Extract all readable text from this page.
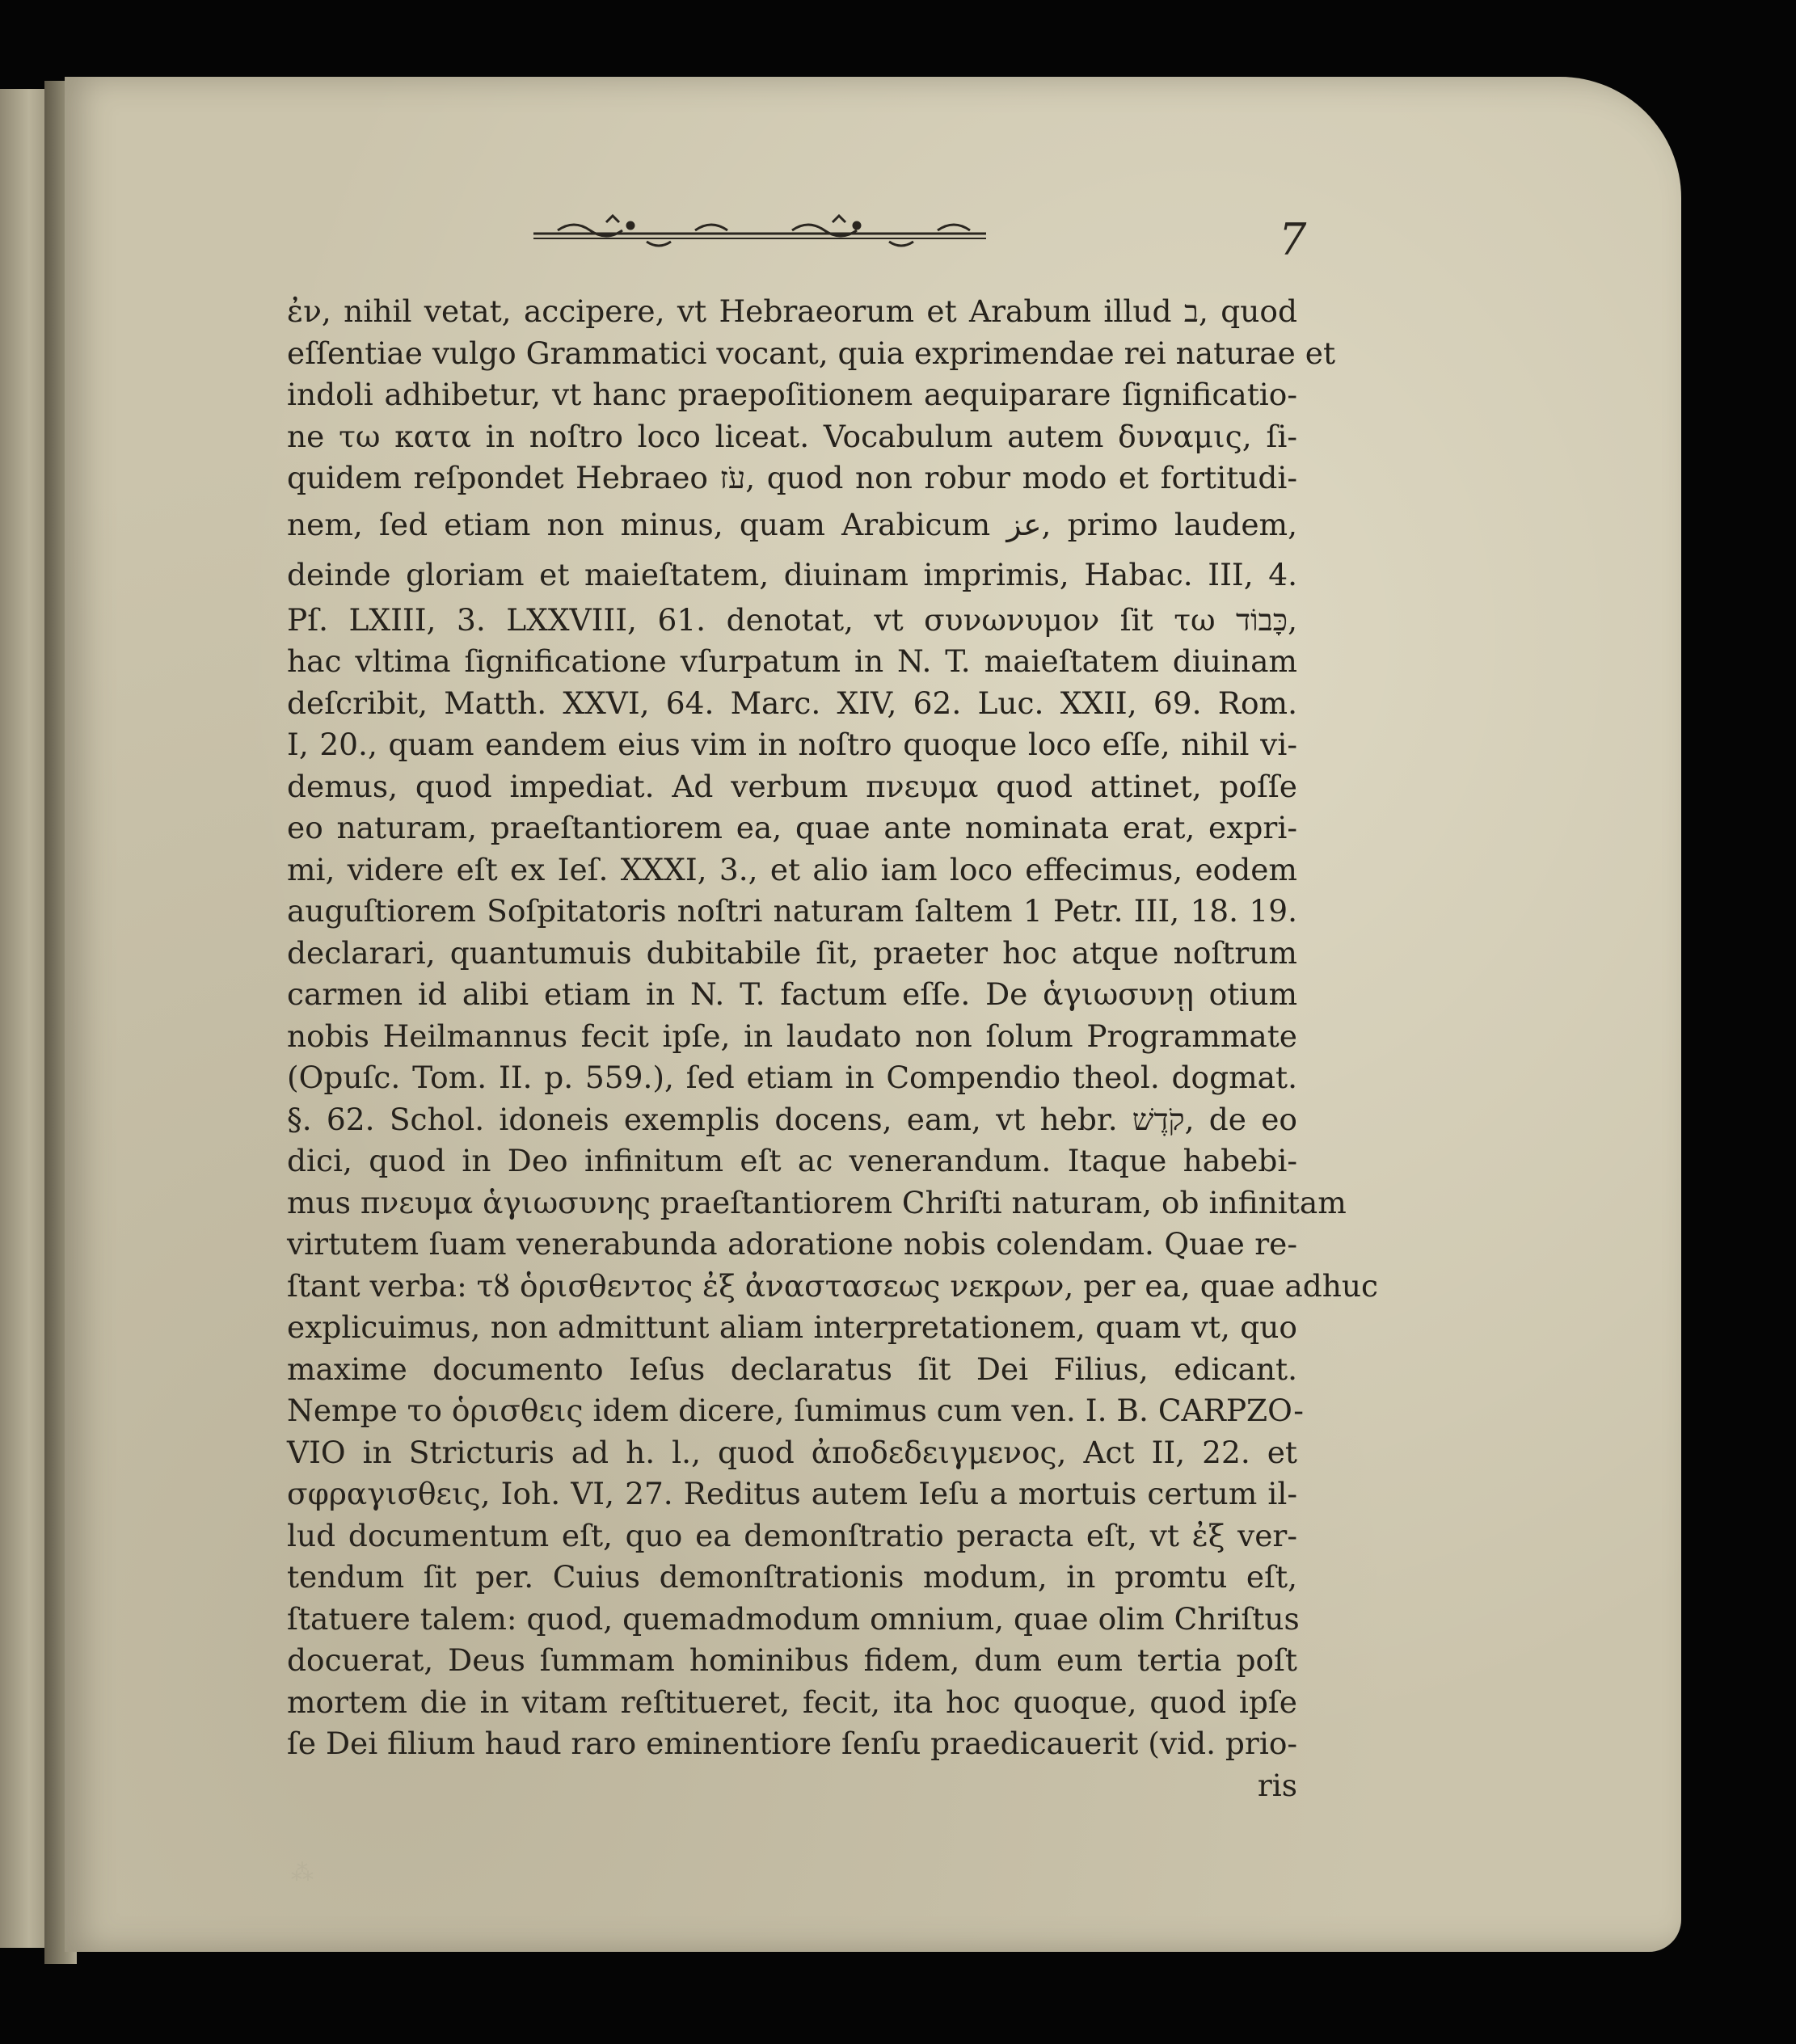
7
ἐν, nihil vetat, accipere, vt Hebraeorum et Arabum illud ב, quod
eſſentiae vulgo Grammatici vocant, quia exprimendae rei naturae et
indoli adhibetur, vt hanc praepoſitionem aequiparare ſignificatio-
ne τω κατα in noſtro loco liceat. Vocabulum autem δυναμις, ſi-
quidem reſpondet Hebraeo עֹז, quod non robur modo et fortitudi-
nem, ſed etiam non minus, quam Arabicum عز, primo laudem,
deinde gloriam et maieſtatem, diuinam imprimis, Habac. III, 4.
Pſ. LXIII, 3. LXXVIII, 61. denotat, vt συνωνυμον ſit τω כָּבוֹד,
hac vltima ſignificatione vſurpatum in N. T. maieſtatem diuinam
deſcribit, Matth. XXVI, 64. Marc. XIV, 62. Luc. XXII, 69. Rom.
I, 20., quam eandem eius vim in noſtro quoque loco eſſe, nihil vi-
demus, quod impediat. Ad verbum πνευμα quod attinet, poſſe
eo naturam, praeſtantiorem ea, quae ante nominata erat, expri-
mi, videre eſt ex Ieſ. XXXI, 3., et alio iam loco effecimus, eodem
auguſtiorem Soſpitatoris noſtri naturam ſaltem 1 Petr. III, 18. 19.
declarari, quantumuis dubitabile ſit, praeter hoc atque noſtrum
carmen id alibi etiam in N. T. factum eſſe. De ἁγιωσυνῃ otium
nobis Heilmannus fecit ipſe, in laudato non ſolum Programmate
(Opuſc. Tom. II. p. 559.), ſed etiam in Compendio theol. dogmat.
§. 62. Schol. idoneis exemplis docens, eam, vt hebr. קֹדֶשׁ, de eo
dici, quod in Deo infinitum eſt ac venerandum. Itaque habebi-
mus πνευμα ἁγιωσυνης praeſtantiorem Chriſti naturam, ob infinitam
virtutem ſuam venerabunda adoratione nobis colendam. Quae re-
ſtant verba: τȣ ὁρισθεντος ἐξ ἀναστασεως νεκρων, per ea, quae adhuc
explicuimus, non admittunt aliam interpretationem, quam vt, quo
maxime documento Ieſus declaratus ſit Dei Filius, edicant.
Nempe το ὁρισθεις idem dicere, ſumimus cum ven. I. B. CARPZO-
VIO in Stricturis ad h. l., quod ἀποδεδειγμενος, Act II, 22. et
σφραγισθεις, Ioh. VI, 27. Reditus autem Ieſu a mortuis certum il-
lud documentum eſt, quo ea demonſtratio peracta eſt, vt ἐξ ver-
tendum ſit per. Cuius demonſtrationis modum, in promtu eſt,
ſtatuere talem: quod, quemadmodum omnium, quae olim Chriſtus
docuerat, Deus ſummam hominibus fidem, dum eum tertia poſt
mortem die in vitam reſtitueret, fecit, ita hoc quoque, quod ipſe
ſe Dei filium haud raro eminentiore ſenſu praedicauerit (vid. prio-
ris
⁂
